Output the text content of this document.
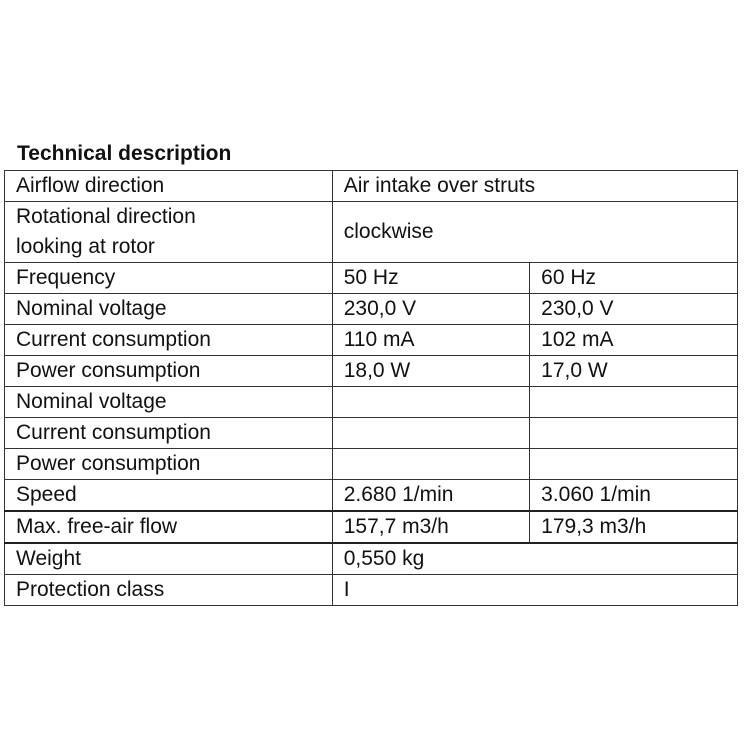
Technical description
Airflow direction	Air intake over struts	

Rotational direction
looking at rotor	clockwise	
Frequency	50 Hz	60 Hz
Nominal voltage	230,0 V	230,0 V
Current consumption	110 mA	102 mA
Power consumption	18,0 W	17,0 W
Nominal voltage		
Current consumption		
Power consumption		
Speed	2.680 1/min	3.060 1/min
Max. free-air flow	157,7 m3/h	179,3 m3/h
Weight	0,550 kg	
Protection class	I	
